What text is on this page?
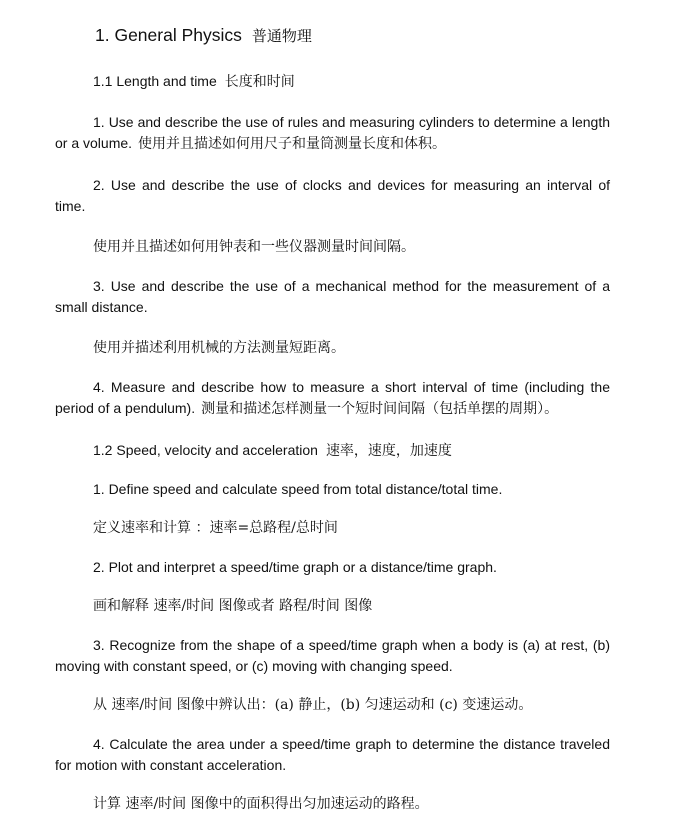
1. General Physics 普通物理
1.1 Length and time 长度和时间

1. Use and describe the use of rules and measuring cylinders to determine a length or a volume. 使用并且描述如何用尺子和量筒测量长度和体积。

2. Use and describe the use of clocks and devices for measuring an interval of time.

使用并且描述如何用钟表和一些仪器测量时间间隔。

3. Use and describe the use of a mechanical method for the measurement of a small distance.

使用并描述利用机械的方法测量短距离。

4. Measure and describe how to measure a short interval of time (including the period of a pendulum). 测量和描述怎样测量一个短时间间隔（包括单摆的周期）。

1.2 Speed, velocity and acceleration 速率，速度，加速度

1. Define speed and calculate speed from total distance/total time.

定义速率和计算 ：速率=总路程/总时间

2. Plot and interpret a speed/time graph or a distance/time graph.

画和解释 速率/时间 图像或者 路程/时间 图像

3. Recognize from the shape of a speed/time graph when a body is (a) at rest, (b) moving with constant speed, or (c) moving with changing speed.

从 速率/时间 图像中辨认出：(a) 静止，(b) 匀速运动和 (c) 变速运动。

4. Calculate the area under a speed/time graph to determine the distance traveled for motion with constant acceleration.

计算 速率/时间 图像中的面积得出匀加速运动的路程。
